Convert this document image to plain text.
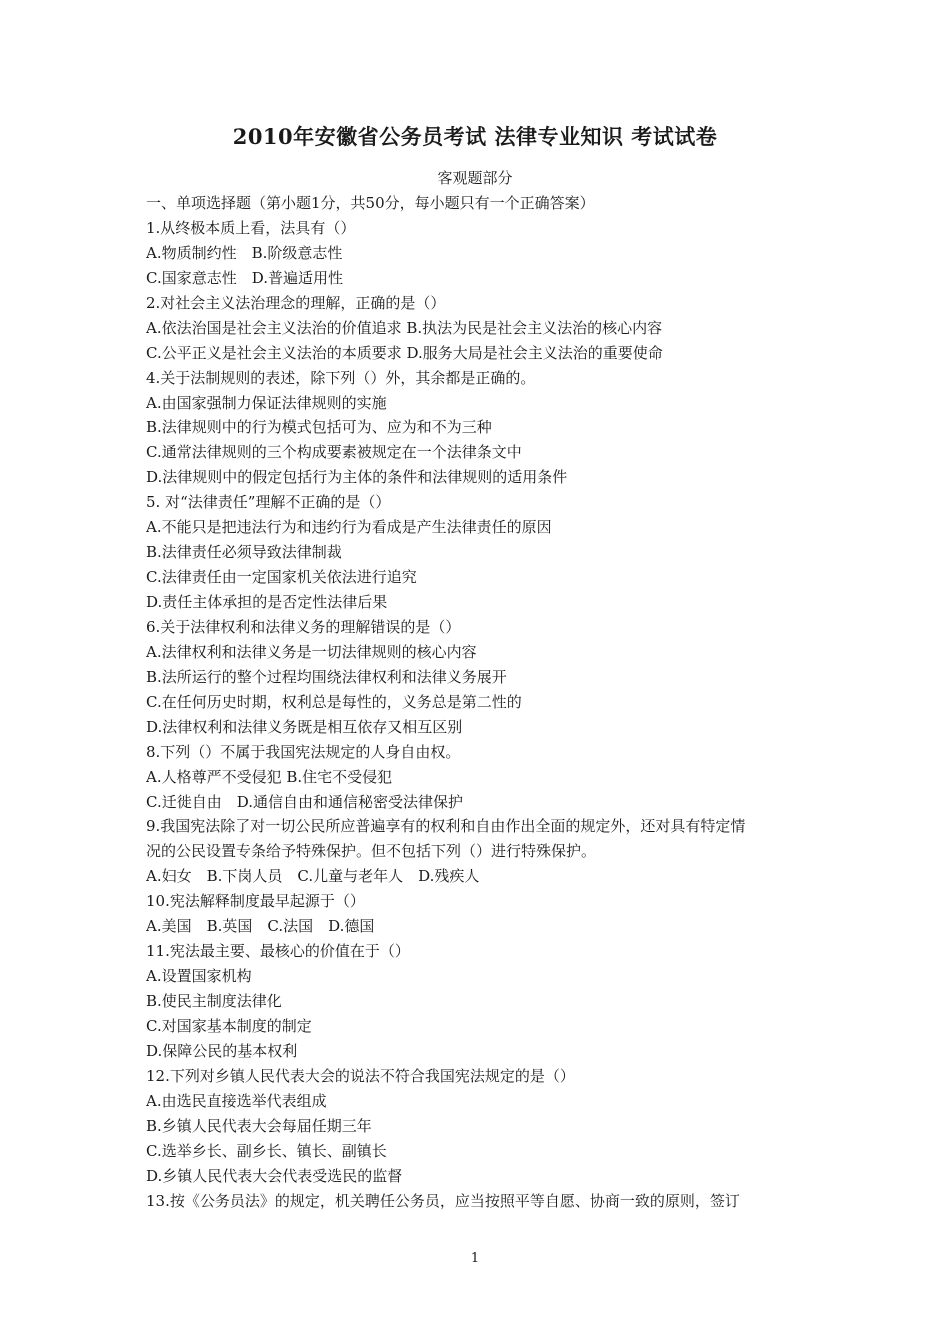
2010年安徽省公务员考试 法律专业知识 考试试卷
客观题部分
一、单项选择题（第小题1分，共50分，每小题只有一个正确答案）
1.从终极本质上看，法具有（）
A.物质制约性　B.阶级意志性
C.国家意志性　D.普遍适用性
2.对社会主义法治理念的理解，正确的是（）
A.依法治国是社会主义法治的价值追求 B.执法为民是社会主义法治的核心内容
C.公平正义是社会主义法治的本质要求 D.服务大局是社会主义法治的重要使命
4.关于法制规则的表述，除下列（）外，其余都是正确的。
A.由国家强制力保证法律规则的实施
B.法律规则中的行为模式包括可为、应为和不为三种
C.通常法律规则的三个构成要素被规定在一个法律条文中
D.法律规则中的假定包括行为主体的条件和法律规则的适用条件
5. 对“法律责任”理解不正确的是（）
A.不能只是把违法行为和违约行为看成是产生法律责任的原因
B.法律责任必须导致法律制裁
C.法律责任由一定国家机关依法进行追究
D.责任主体承担的是否定性法律后果
6.关于法律权利和法律义务的理解错误的是（）
A.法律权利和法律义务是一切法律规则的核心内容
B.法所运行的整个过程均围绕法律权利和法律义务展开
C.在任何历史时期，权利总是每性的，义务总是第二性的
D.法律权利和法律义务既是相互依存又相互区别
8.下列（）不属于我国宪法规定的人身自由权。
A.人格尊严不受侵犯 B.住宅不受侵犯
C.迁徙自由　D.通信自由和通信秘密受法律保护
9.我国宪法除了对一切公民所应普遍享有的权利和自由作出全面的规定外，还对具有特定情
况的公民设置专条给予特殊保护。但不包括下列（）进行特殊保护。
A.妇女　B.下岗人员　C.儿童与老年人　D.残疾人
10.宪法解释制度最早起源于（）
A.美国　B.英国　C.法国　D.德国
11.宪法最主要、最核心的价值在于（）
A.设置国家机构
B.使民主制度法律化
C.对国家基本制度的制定
D.保障公民的基本权利
12.下列对乡镇人民代表大会的说法不符合我国宪法规定的是（）
A.由选民直接选举代表组成
B.乡镇人民代表大会每届任期三年
C.选举乡长、副乡长、镇长、副镇长
D.乡镇人民代表大会代表受选民的监督
13.按《公务员法》的规定，机关聘任公务员，应当按照平等自愿、协商一致的原则，签订
1
